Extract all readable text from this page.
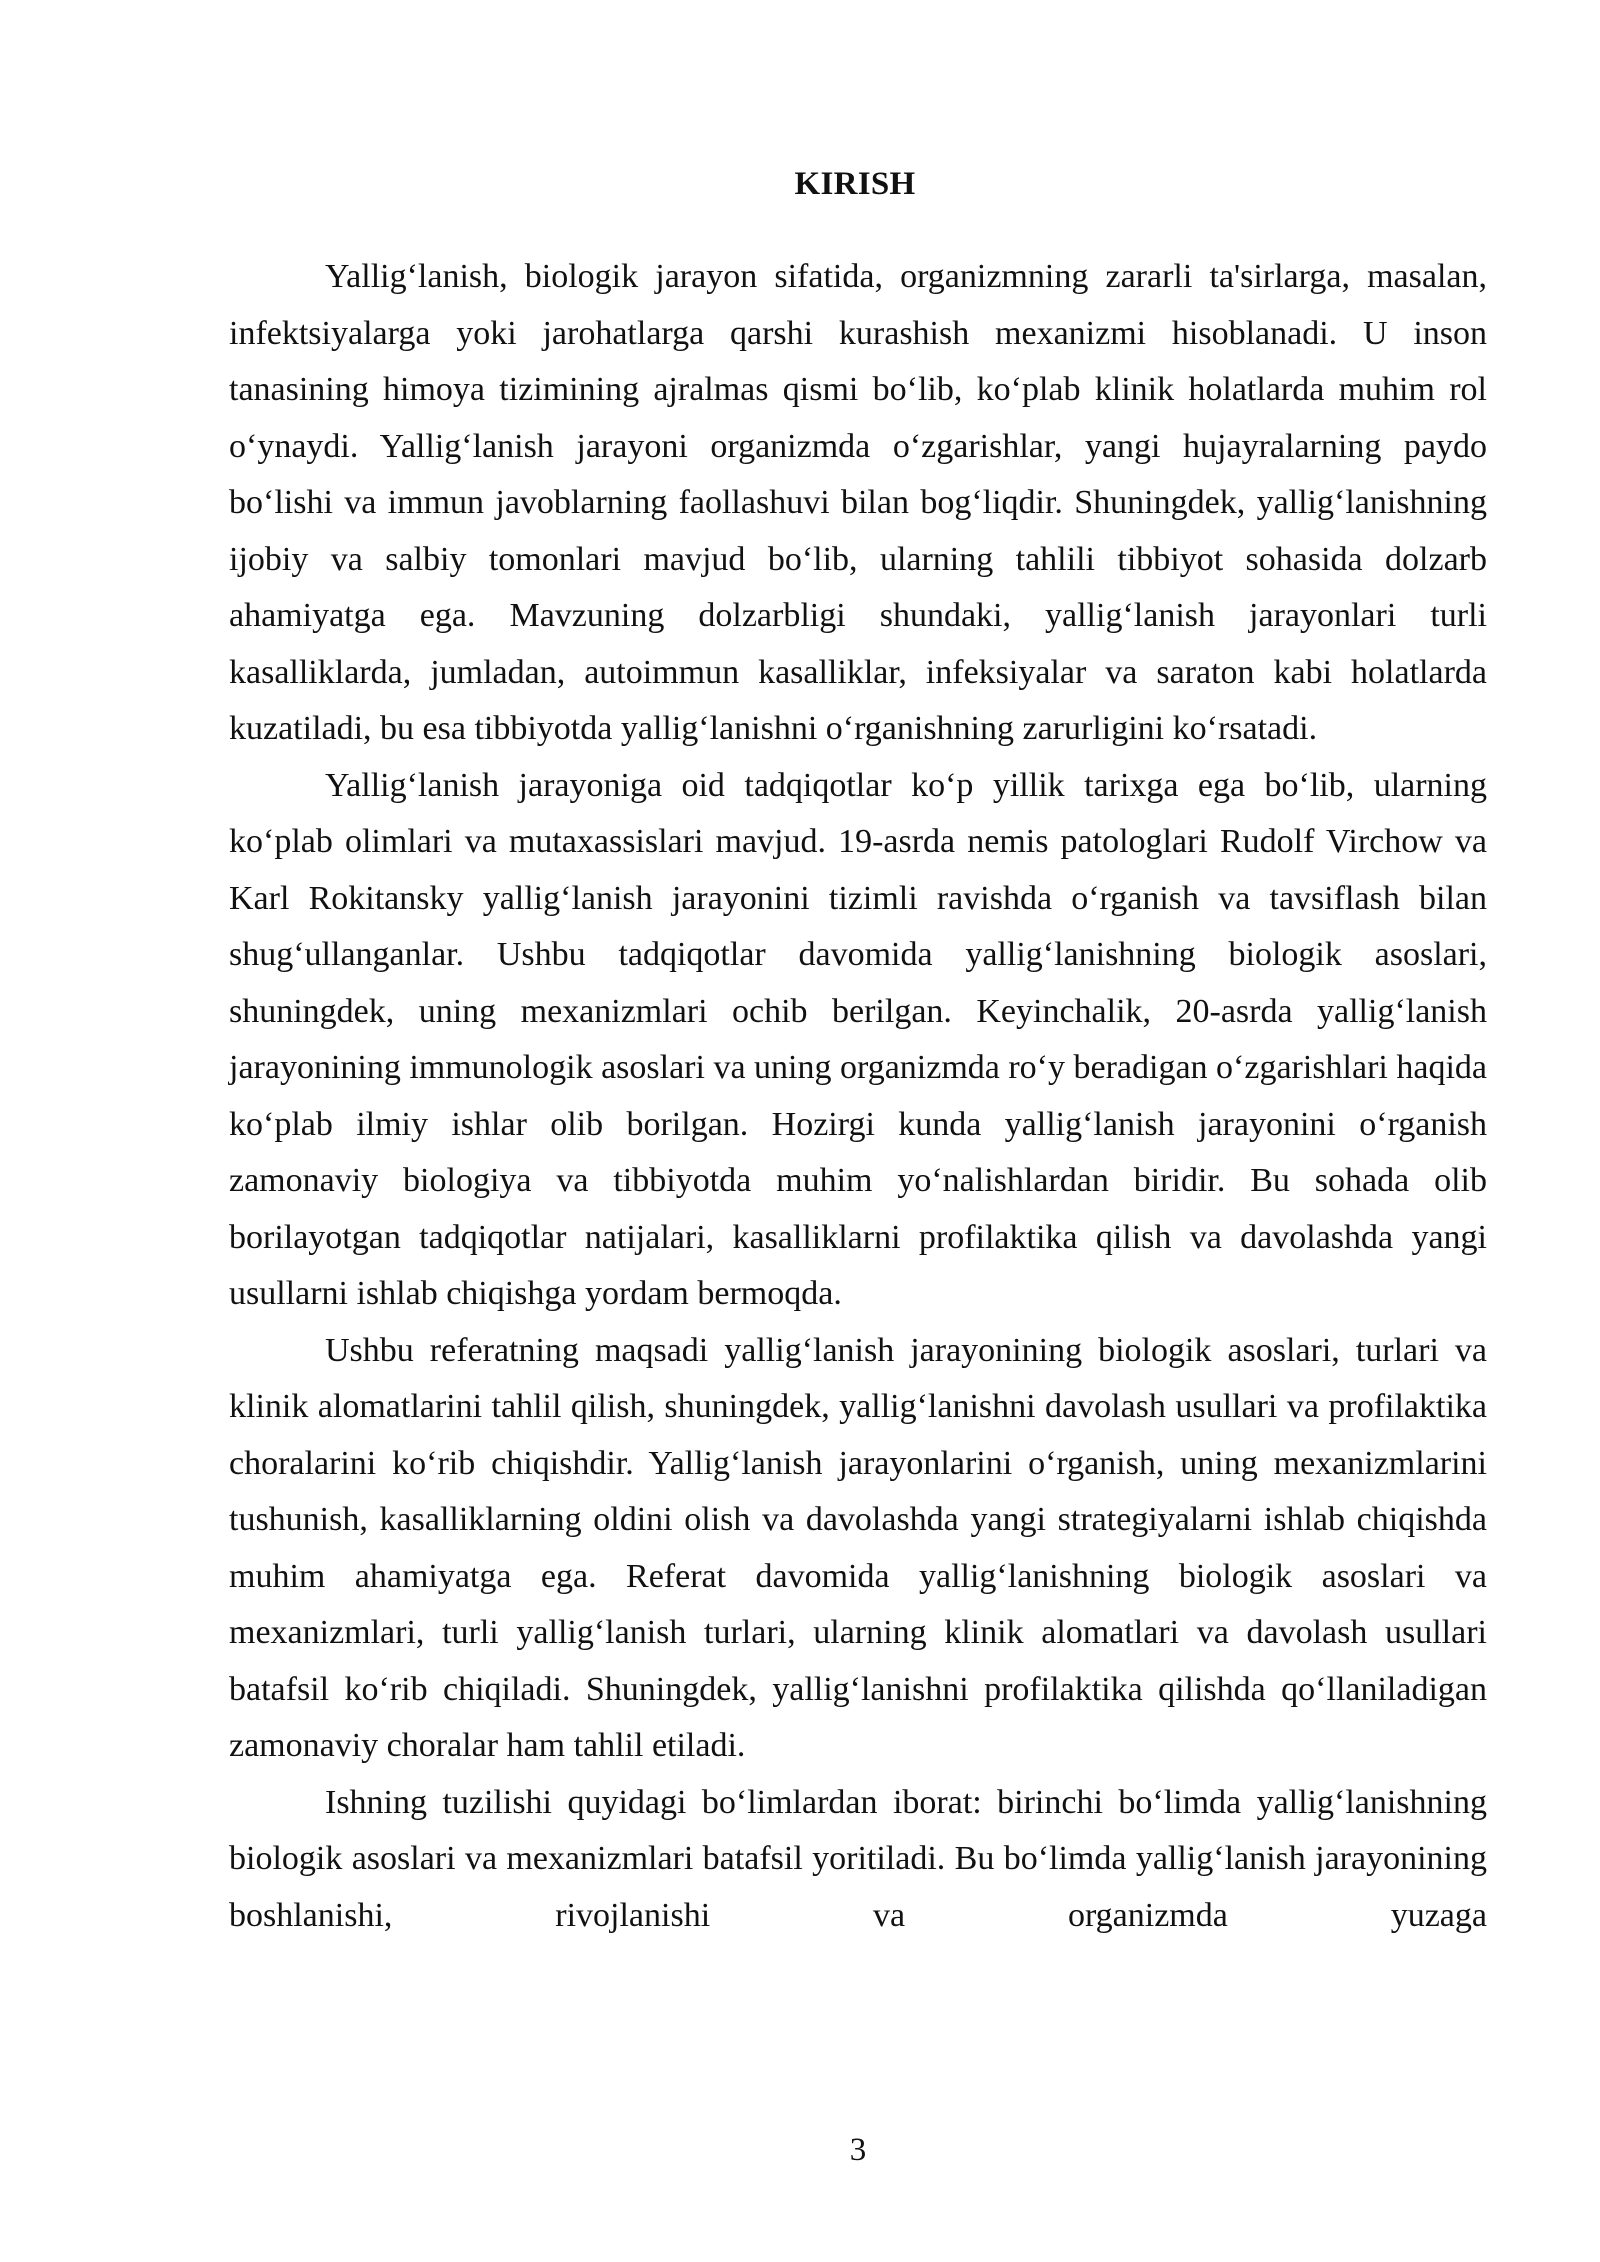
KIRISH

Yallig‘lanish, biologik jarayon sifatida, organizmning zararli ta'sirlarga, masalan, infektsiyalarga yoki jarohatlarga qarshi kurashish mexanizmi hisoblanadi. U inson tanasining himoya tizimining ajralmas qismi bo‘lib, ko‘plab klinik holatlarda muhim rol o‘ynaydi. Yallig‘lanish jarayoni organizmda o‘zgarishlar, yangi hujayralarning paydo bo‘lishi va immun javoblarning faollashuvi bilan bog‘liqdir. Shuningdek, yallig‘lanishning ijobiy va salbiy tomonlari mavjud bo‘lib, ularning tahlili tibbiyot sohasida dolzarb ahamiyatga ega. Mavzuning dolzarbligi shundaki, yallig‘lanish jarayonlari turli kasalliklarda, jumladan, autoimmun kasalliklar, infeksiyalar va saraton kabi holatlarda kuzatiladi, bu esa tibbiyotda yallig‘lanishni o‘rganishning zarurligini ko‘rsatadi.

Yallig‘lanish jarayoniga oid tadqiqotlar ko‘p yillik tarixga ega bo‘lib, ularning ko‘plab olimlari va mutaxassislari mavjud. 19-asrda nemis patologlari Rudolf Virchow va Karl Rokitansky yallig‘lanish jarayonini tizimli ravishda o‘rganish va tavsiflash bilan shug‘ullanganlar. Ushbu tadqiqotlar davomida yallig‘lanishning biologik asoslari, shuningdek, uning mexanizmlari ochib berilgan. Keyinchalik, 20-asrda yallig‘lanish jarayonining immunologik asoslari va uning organizmda ro‘y beradigan o‘zgarishlari haqida ko‘plab ilmiy ishlar olib borilgan. Hozirgi kunda yallig‘lanish jarayonini o‘rganish zamonaviy biologiya va tibbiyotda muhim yo‘nalishlardan biridir. Bu sohada olib borilayotgan tadqiqotlar natijalari, kasalliklarni profilaktika qilish va davolashda yangi usullarni ishlab chiqishga yordam bermoqda.

Ushbu referatning maqsadi yallig‘lanish jarayonining biologik asoslari, turlari va klinik alomatlarini tahlil qilish, shuningdek, yallig‘lanishni davolash usullari va profilaktika choralarini ko‘rib chiqishdir. Yallig‘lanish jarayonlarini o‘rganish, uning mexanizmlarini tushunish, kasalliklarning oldini olish va davolashda yangi strategiyalarni ishlab chiqishda muhim ahamiyatga ega. Referat davomida yallig‘lanishning biologik asoslari va mexanizmlari, turli yallig‘lanish turlari, ularning klinik alomatlari va davolash usullari batafsil ko‘rib chiqiladi. Shuningdek, yallig‘lanishni profilaktika qilishda qo‘llaniladigan zamonaviy choralar ham tahlil etiladi.

Ishning tuzilishi quyidagi bo‘limlardan iborat: birinchi bo‘limda yallig‘lanishning biologik asoslari va mexanizmlari batafsil yoritiladi. Bu bo‘limda yallig‘lanish jarayonining boshlanishi, rivojlanishi va organizmda yuzaga

3
